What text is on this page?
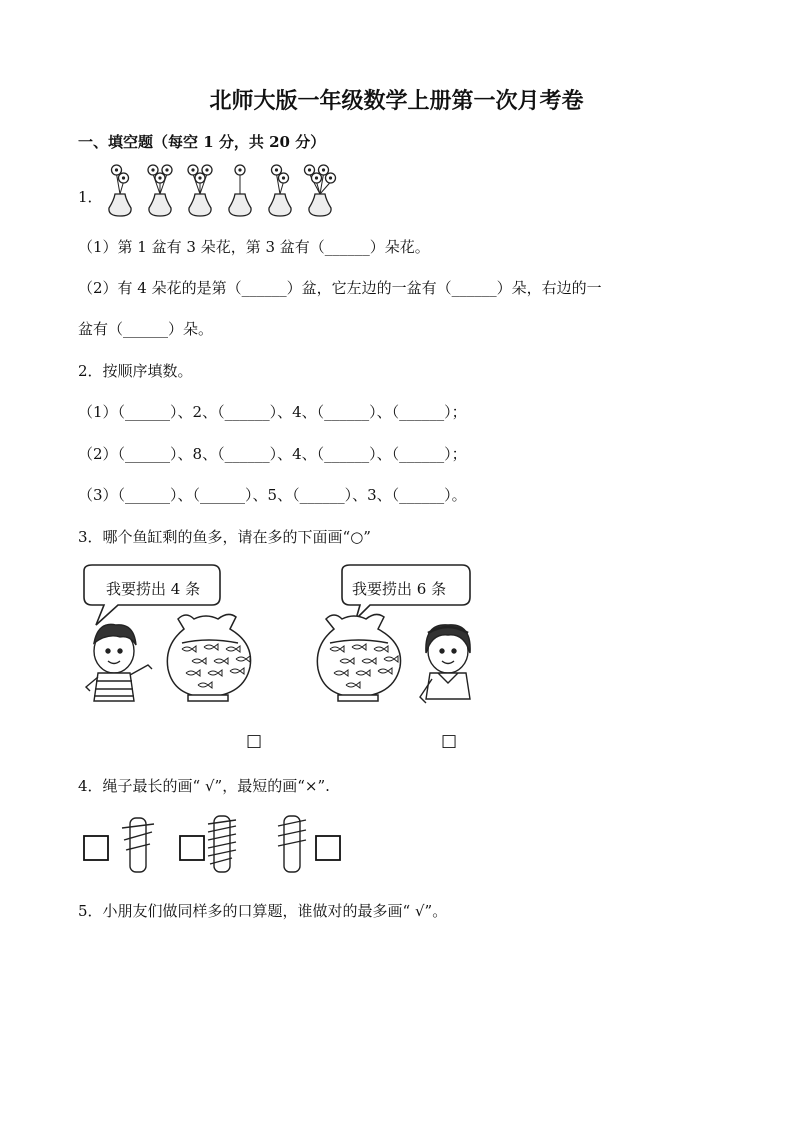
北师大版一年级数学上册第一次月考卷
一、填空题（每空 1 分，共 20 分）
1．
（1）第 1 盆有 3 朵花，第 3 盆有（______）朵花。
（2）有 4 朵花的是第（______）盆，它左边的一盆有（______）朵，右边的一
盆有（______）朵。
2．按顺序填数。
（1）（______）、2、（______）、4、（______）、（______）；
（2）（______）、8、（______）、4、（______）、（______）；
（3）（______）、（______）、5、（______）、3、（______）。
3．哪个鱼缸剩的鱼多，请在多的下面画“○”
我要捞出 4 条	我要捞出 6 条
□	□
4．绳子最长的画“ √”，最短的画“×”.
5．小朋友们做同样多的口算题，谁做对的最多画“ √”。
